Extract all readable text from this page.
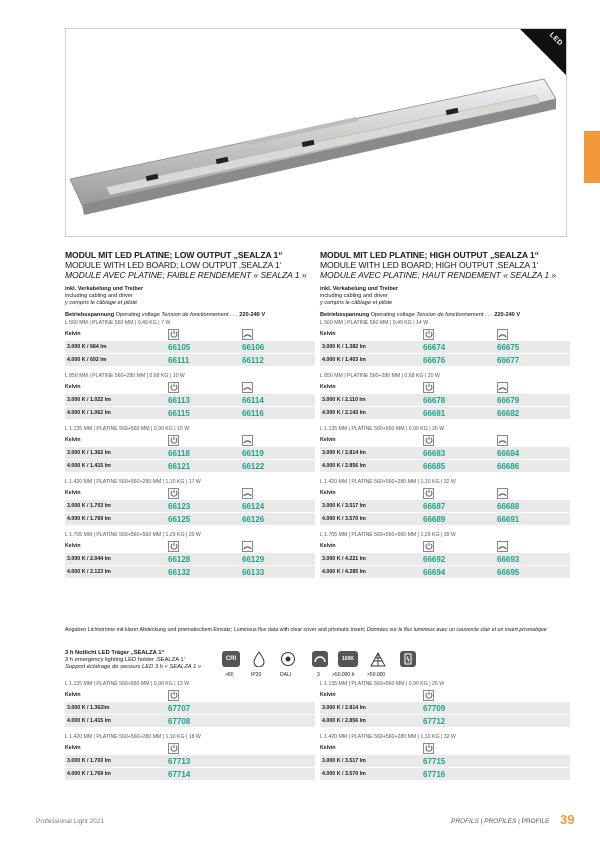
LED
MODUL MIT LED PLATINE; LOW OUTPUT „SEALZA 1“
MODULE WITH LED BOARD; LOW OUTPUT ‚SEALZA 1‘
MODULE AVEC PLATINE; FAIBLE RENDEMENT « SEALZA 1 »
inkl. Verkabelung und Treiber
including cabling and driver
y compris le câblage et pilote
Betriebsspannung Operating voltage Tension de fonctionnement . . . 220-240 V
L 560 MM | PLATINE 560 MM | 0,49 KG | 7 W
Kelvin
3.000 K / 684 lm	66105	66106
4.000 K / 692 lm	66111	66112
L 850 MM | PLATINE 560+280 MM | 0,68 KG | 10 W
Kelvin
3.000 K / 1.022 lm	66113	66114
4.000 K / 1.062 lm	66115	66116
L 1.135 MM | PLATINE 560+560 MM | 0,90 KG | 15 W
Kelvin
3.000 K / 1.362 lm	66118	66119
4.000 K / 1.415 lm	66121	66122
L 1.420 MM | PLATINE 560+560+280 MM | 1,10 KG | 17 W
Kelvin
3.000 K / 1.703 lm	66123	66124
4.000 K / 1.769 lm	66125	66126
L 1.705 MM | PLATINE 560+560+560 MM | 1,29 KG | 20 W
Kelvin
3.000 K / 2.044 lm	66128	66129
4.000 K / 2.123 lm	66132	66133
MODUL MIT LED PLATINE; HIGH OUTPUT „SEALZA 1“
MODULE WITH LED BOARD; HIGH OUTPUT ‚SEALZA 1‘
MODULE AVEC PLATINE; HAUT RENDEMENT « SEALZA 1 »
inkl. Verkabelung und Treiber
including cabling and driver
y compris le câblage et pilote
Betriebsspannung Operating voltage Tension de fonctionnement . . . 220-240 V
L 560 MM | PLATINE 560 MM | 0,49 KG | 14 W
Kelvin
3.000 K / 1.382 lm	66674	66675
4.000 K / 1.403 lm	66676	66677
L 850 MM | PLATINE 560+280 MM | 0,68 KG | 20 W
Kelvin
3.000 K / 2.110 lm	66678	66679
4.000 K / 2.143 lm	66681	66682
L 1.135 MM | PLATINE 560+560 MM | 0,90 KG | 26 W
Kelvin
3.000 K / 2.814 lm	66683	66684
4.000 K / 2.856 lm	66685	66686
L 1.420 MM | PLATINE 560+560+280 MM | 1,10 KG | 32 W
Kelvin
3.000 K / 3.517 lm	66687	66688
4.000 K / 3.570 lm	66689	66691
L 1.705 MM | PLATINE 560+560+560 MM | 1,29 KG | 39 W
Kelvin
3.000 K / 4.221 lm	66692	66693
4.000 K / 4.285 lm	66694	66695
Angaben Lichtströme mit klarer Abdeckung und prismatischem Einsatz; Luminous flux data with clear cover and prismatic insert; Données sur le flux lumineux avec un couvercle clair et un insert prismatique
3 h Notlicht LED Träger „SEALZA 1“
3 h emergency lighting LED holder ‚SEALZA 1‘
Support éclairage de secours LED 3 h « SEALZA 1 »
CRI
>80	IP20	DALI	3
100K
>50.000 h	>50.000
L 1.135 MM | PLATINE 560+560 MM | 0,90 KG | 13 W
Kelvin
3.000 K / 1.362lm	67707
4.000 K / 1.415 lm	67708
L 1.420 MM | PLATINE 560+560+280 MM | 1,10 KG | 18 W
Kelvin
3.000 K / 1.703 lm	67713
4.000 K / 1.769 lm	67714
L 1.135 MM | PLATINE 560+560 MM | 0,90 KG | 26 W
Kelvin
3.000 K / 2.814 lm	67709
4.000 K / 2.856 lm	67712
L 1.420 MM | PLATINE 560+560+280 MM | 1,10 KG | 32 W
Kelvin
3.000 K / 3.517 lm	67715
4.000 K / 3.570 lm	67716
Professional Light 2021	PROFILS | PROFILES | PROFILE 39
